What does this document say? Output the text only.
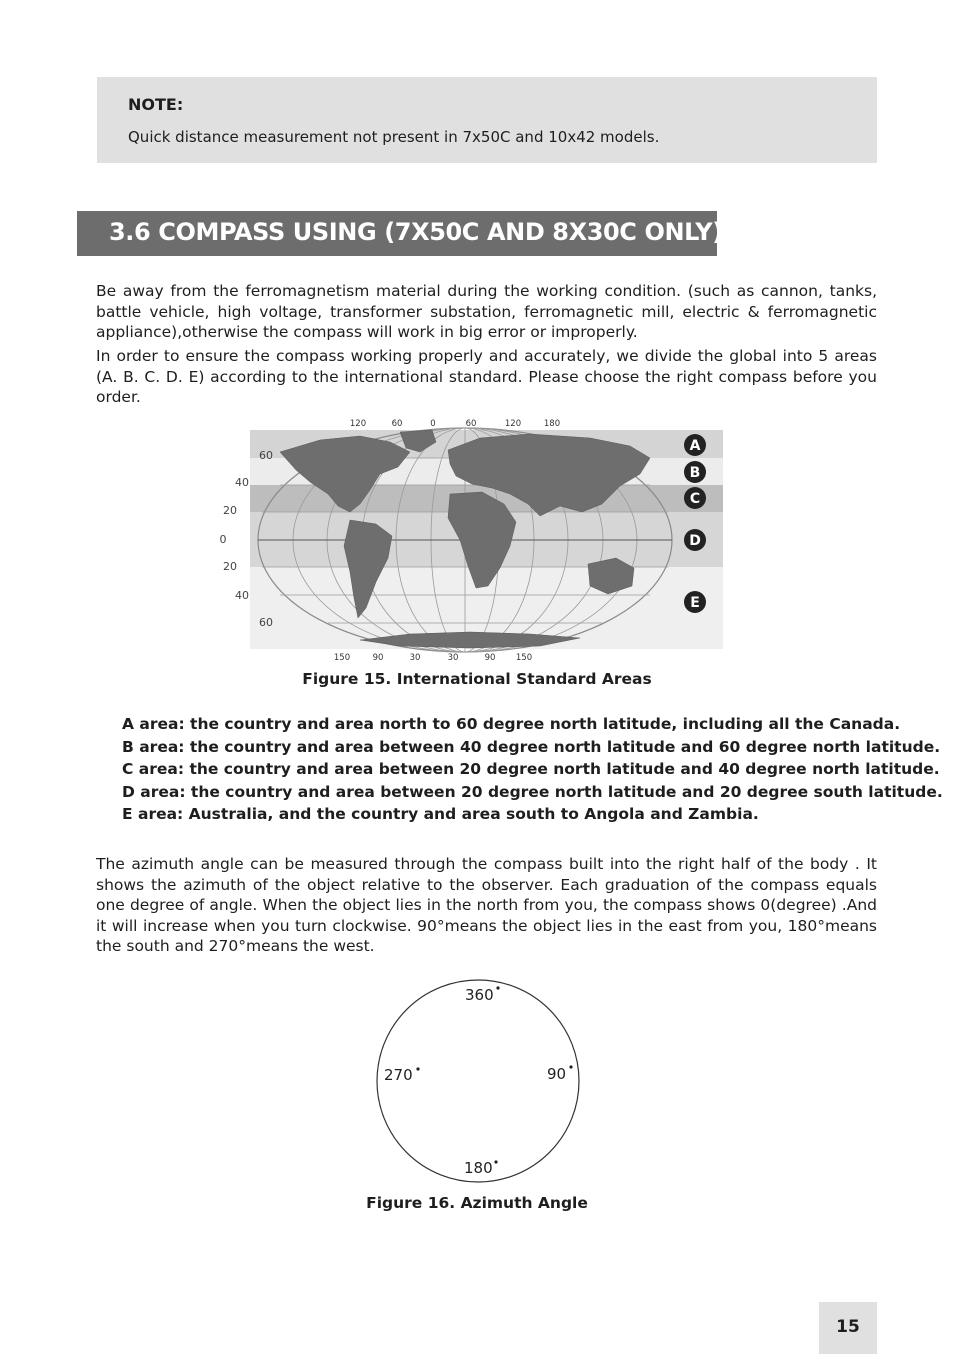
NOTE:
Quick distance measurement not present in 7x50C and 10x42 models.
3.6 COMPASS USING (7X50C AND 8X30C ONLY)

Be away from the ferromagnetism material during the working condition. (such as cannon, tanks, battle vehicle, high voltage, transformer substation, ferromagnetic mill, electric & ferromagnetic appliance),otherwise the compass will work in big error or improperly.

In order to ensure the compass working properly and accurately, we divide the global into 5 areas (A. B. C. D. E) according to the international standard. Please choose the right compass before you order.

120	60	0	60	120	180
150	90	30	30	90 150
60
40
20
0
20
40
60
A
B
C
D
E
Figure 15. International Standard Areas
A area: the country and area north to 60 degree north latitude, including all the Canada.
B area: the country and area between 40 degree north latitude and 60 degree north latitude.
C area: the country and area between 20 degree north latitude and 40 degree north latitude.
D area: the country and area between 20 degree north latitude and 20 degree south latitude.
E area: Australia, and the country and area south to Angola and Zambia.

The azimuth angle can be measured through the compass built into the right half of the body . It shows the azimuth of the object relative to the observer. Each graduation of the compass equals one degree of angle. When the object lies in the north from you, the compass shows 0(degree) .And it will increase when you turn clockwise. 90°means the object lies in the east from you, 180°means the south and 270°means the west.

360
90
180
270
Figure 16. Azimuth Angle
15
